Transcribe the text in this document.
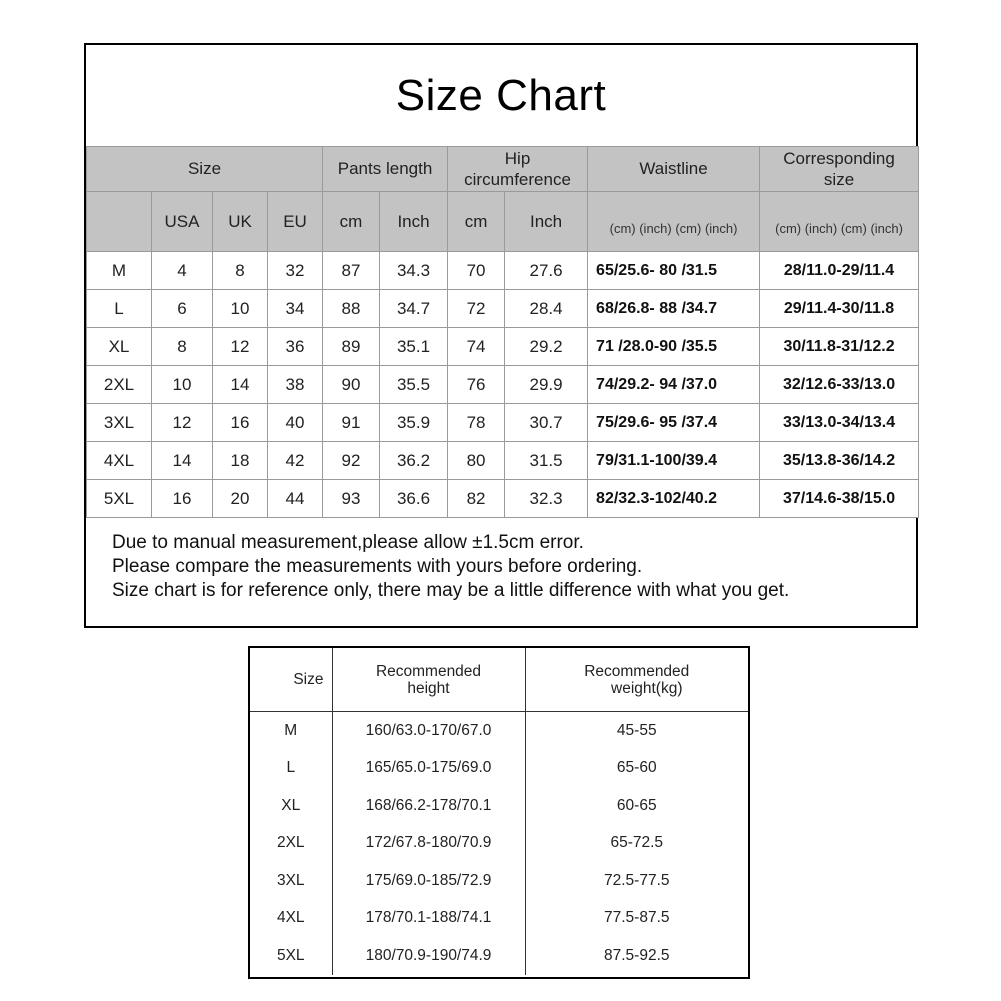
Size Chart
Size	Pants length	
Hip
circumference
	Waistline	
Corresponding
size

	USA	UK	EU	cm	Inch	cm	Inch	(cm) (inch) (cm) (inch)	(cm) (inch) (cm) (inch)
M	4	8	32	87	34.3	70	27.6	65/25.6- 80 /31.5	28/11.0-29/11.4
L	6	10	34	88	34.7	72	28.4	68/26.8- 88 /34.7	29/11.4-30/11.8
XL	8	12	36	89	35.1	74	29.2	71 /28.0-90 /35.5	30/11.8-31/12.2
2XL	10	14	38	90	35.5	76	29.9	74/29.2- 94 /37.0	32/12.6-33/13.0
3XL	12	16	40	91	35.9	78	30.7	75/29.6- 95 /37.4	33/13.0-34/13.4
4XL	14	18	42	92	36.2	80	31.5	79/31.1-100/39.4	35/13.8-36/14.2
5XL	16	20	44	93	36.6	82	32.3	82/32.3-102/40.2	37/14.6-38/15.0
Due to manual measurement,please allow ±1.5cm error.
Please compare the measurements with yours before ordering.
Size chart is for reference only, there may be a little difference with what you get.
Size	Recommended
height

Recommended
weight(kg)

M	160/63.0-170/67.0	45-55
L	165/65.0-175/69.0	65-60
XL	168/66.2-178/70.1	60-65
2XL	172/67.8-180/70.9	65-72.5
3XL	175/69.0-185/72.9	72.5-77.5
4XL	178/70.1-188/74.1	77.5-87.5
5XL	180/70.9-190/74.9	87.5-92.5
